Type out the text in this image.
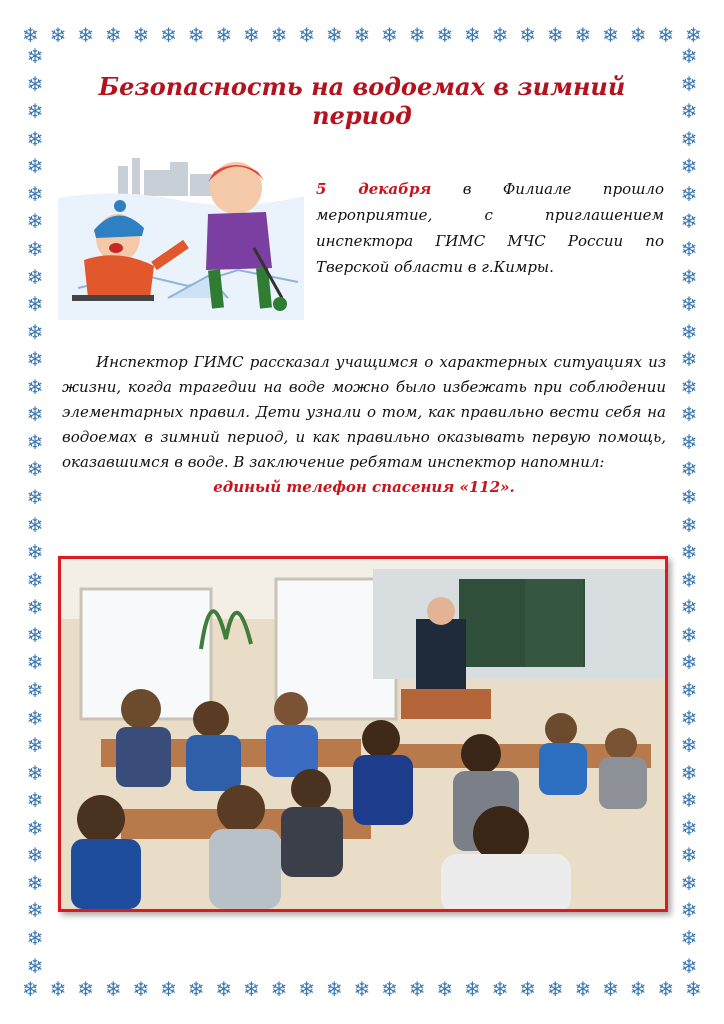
❄ ❄ ❄ ❄ ❄ ❄ ❄ ❄ ❄ ❄ ❄ ❄ ❄ ❄ ❄ ❄ ❄ ❄ ❄ ❄ ❄ ❄ ❄ ❄ ❄
❄ ❄ ❄ ❄ ❄ ❄ ❄ ❄ ❄ ❄ ❄ ❄ ❄ ❄ ❄ ❄ ❄ ❄ ❄ ❄ ❄ ❄ ❄ ❄ ❄
❄
❄
❄
❄
❄
❄
❄
❄
❄
❄
❄
❄
❄
❄
❄
❄
❄
❄
❄
❄
❄
❄
❄
❄
❄
❄
❄
❄
❄
❄
❄
❄
❄
❄
❄
❄
❄
❄
❄
❄
❄
❄
❄
❄
❄
❄
❄
❄
❄
❄
❄
❄
❄
❄
❄
❄
❄
❄
❄
❄
❄
❄
❄
❄
❄
❄
❄
❄
Безопасность на водоемах в зимний период
5 декабря в Филиале прошло мероприятие, с приглашением инспектора ГИМС МЧС России по Тверской области в г.Кимры.
Инспектор ГИМС рассказал учащимся о характерных ситуациях из жизни, когда трагедии на воде можно было избежать при соблюдении элементарных правил. Дети узнали о том, как правильно вести себя на водоемах в зимний период, и как правильно оказывать первую помощь, оказавшимся в воде. В заключение ребятам инспектор напомнил:
единый телефон спасения «112».
